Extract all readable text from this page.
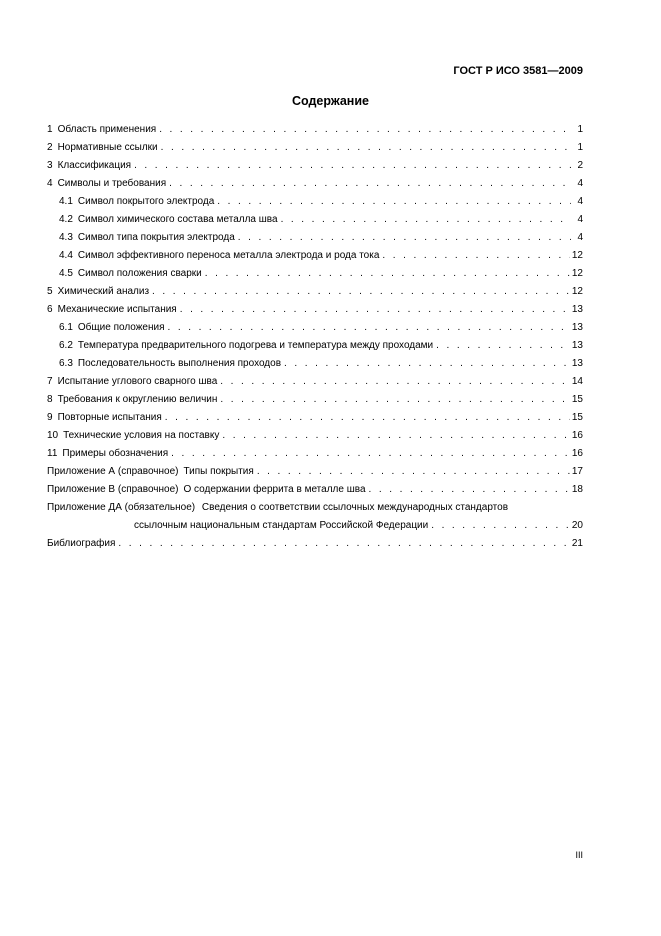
ГОСТ Р ИСО 3581—2009
Содержание
1 Область применения . . .	1
2 Нормативные ссылки . . .	1
3 Классификация . . .	2
4 Символы и требования . . .	4
4.1 Символ покрытого электрода . . .	4
4.2 Символ химического состава металла шва . . .	4
4.3 Символ типа покрытия электрода . . .	4
4.4 Символ эффективного переноса металла электрода и рода тока . . .	12
4.5 Символ положения сварки . . .	12
5 Химический анализ . . .	12
6 Механические испытания . . .	13
6.1 Общие положения . . .	13
6.2 Температура предварительного подогрева и температура между проходами . . .	13
6.3 Последовательность выполнения проходов . . .	13
7 Испытание углового сварного шва . . .	14
8 Требования к округлению величин . . .	15
9 Повторные испытания . . .	15
10 Технические условия на поставку . . .	16
11 Примеры обозначения . . .	16
Приложение А (справочное) Типы покрытия . . .	17
Приложение В (справочное) О содержании феррита в металле шва . . .	18
Приложение ДА (обязательное) Сведения о соответствии ссылочных международных стандартов
ссылочным национальным стандартам Российской Федерации . . .	20
Библиография . . .	21
III
